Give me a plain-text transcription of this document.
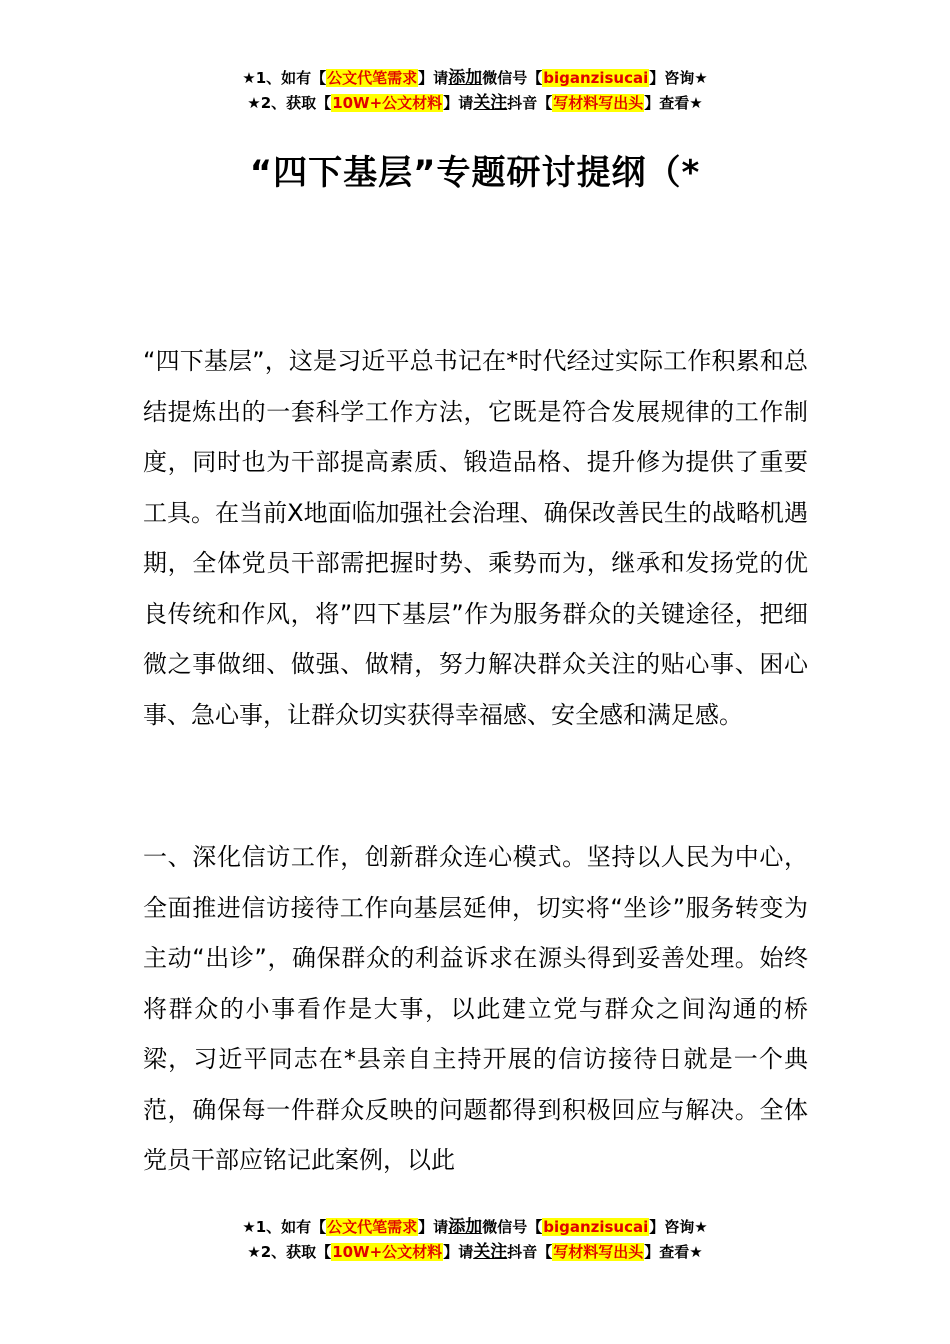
★1、如有【公文代笔需求】请添加微信号【biganzisucai】咨询★
★2、获取【10W+公文材料】请关注抖音【写材料写出头】查看★
“四下基层”专题研讨提纲（*

“四下基层”，这是习近平总书记在*时代经过实际工作积累和总结提炼出的一套科学工作方法，它既是符合发展规律的工作制度，同时也为干部提高素质、锻造品格、提升修为提供了重要工具。在当前X地面临加强社会治理、确保改善民生的战略机遇期，全体党员干部需把握时势、乘势而为，继承和发扬党的优良传统和作风，将”四下基层”作为服务群众的关键途径，把细微之事做细、做强、做精，努力解决群众关注的贴心事、困心事、急心事，让群众切实获得幸福感、安全感和满足感。

一、深化信访工作，创新群众连心模式。坚持以人民为中心，全面推进信访接待工作向基层延伸，切实将“坐诊”服务转变为主动“出诊”，确保群众的利益诉求在源头得到妥善处理。始终将群众的小事看作是大事，以此建立党与群众之间沟通的桥梁，习近平同志在*县亲自主持开展的信访接待日就是一个典范，确保每一件群众反映的问题都得到积极回应与解决。全体党员干部应铭记此案例，以此

★1、如有【公文代笔需求】请添加微信号【biganzisucai】咨询★
★2、获取【10W+公文材料】请关注抖音【写材料写出头】查看★
